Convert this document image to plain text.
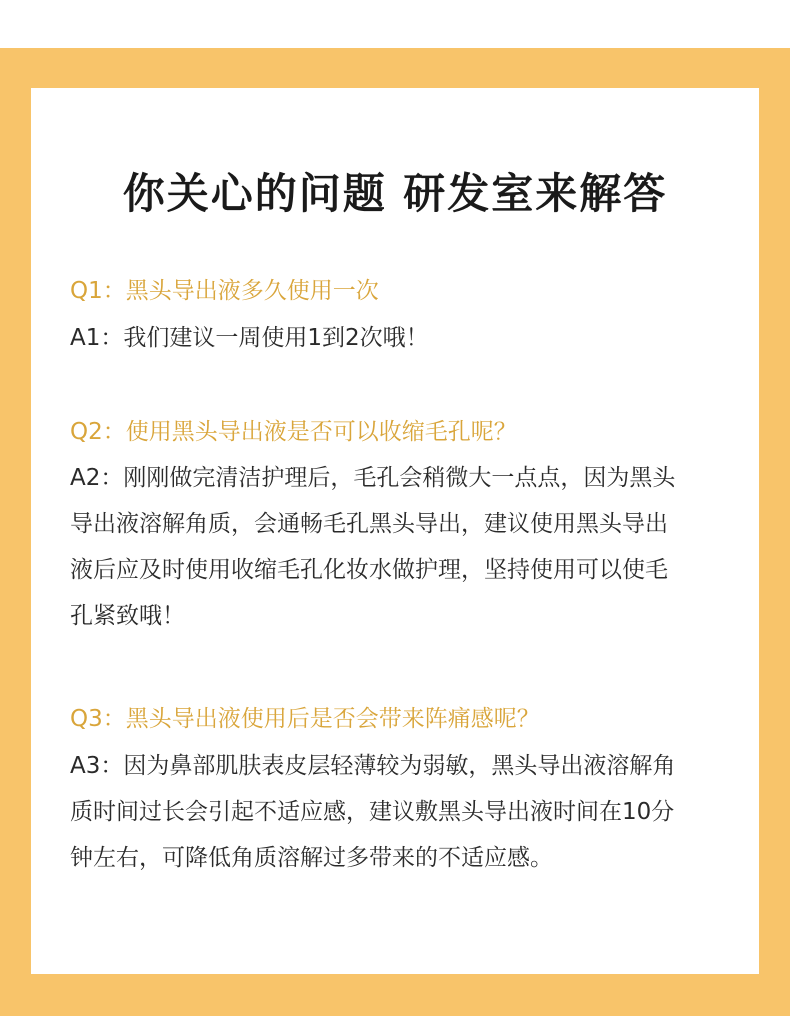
你关心的问题 研发室来解答
Q1：黑头导出液多久使用一次
A1：我们建议一周使用1到2次哦！
Q2：使用黑头导出液是否可以收缩毛孔呢？
A2：刚刚做完清洁护理后，毛孔会稍微大一点点，因为黑头
导出液溶解角质，会通畅毛孔黑头导出，建议使用黑头导出
液后应及时使用收缩毛孔化妆水做护理，坚持使用可以使毛
孔紧致哦！
Q3：黑头导出液使用后是否会带来阵痛感呢？
A3：因为鼻部肌肤表皮层轻薄较为弱敏，黑头导出液溶解角
质时间过长会引起不适应感，建议敷黑头导出液时间在10分
钟左右，可降低角质溶解过多带来的不适应感。
